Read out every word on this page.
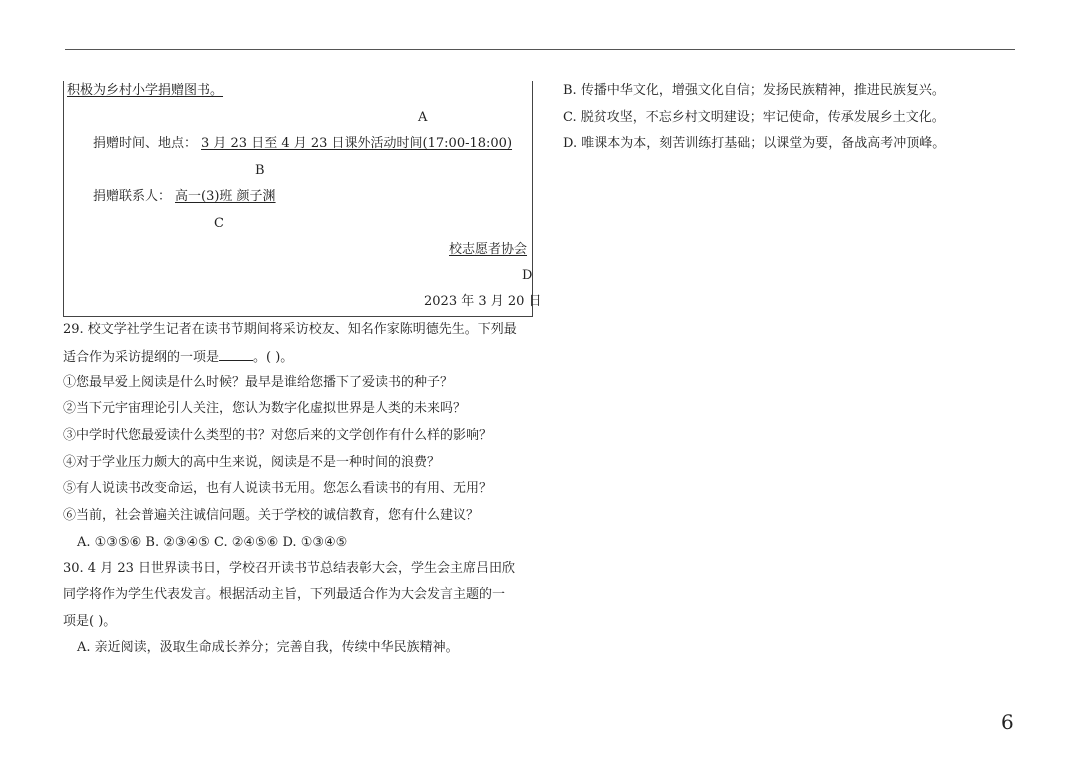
积极为乡村小学捐赠图书。
A
捐赠时间、地点： 3 月 23 日至 4 月 23 日课外活动时间(17:00-18:00)
B
捐赠联系人： 高一(3)班 颜子渊
C
校志愿者协会
D
2023 年 3 月 20 日
29. 校文学社学生记者在读书节期间将采访校友、知名作家陈明德先生。下列最
适合作为采访提纲的一项是	。( )。
①您最早爱上阅读是什么时候？最早是谁给您播下了爱读书的种子？
②当下元宇宙理论引人关注，您认为数字化虚拟世界是人类的未来吗？
③中学时代您最爱读什么类型的书？对您后来的文学创作有什么样的影响？
④对于学业压力颇大的高中生来说，阅读是不是一种时间的浪费？
⑤有人说读书改变命运，也有人说读书无用。您怎么看读书的有用、无用？
⑥当前，社会普遍关注诚信问题。关于学校的诚信教育，您有什么建议？
A. ①③⑤⑥ B. ②③④⑤ C. ②④⑤⑥ D. ①③④⑤
30. 4 月 23 日世界读书日，学校召开读书节总结表彰大会，学生会主席吕田欣
同学将作为学生代表发言。根据活动主旨，下列最适合作为大会发言主题的一
项是( )。
A. 亲近阅读，汲取生命成长养分；完善自我，传续中华民族精神。
B. 传播中华文化，增强文化自信；发扬民族精神，推进民族复兴。
C. 脱贫攻坚，不忘乡村文明建设；牢记使命，传承发展乡土文化。
D. 唯课本为本，刻苦训练打基础；以课堂为要，备战高考冲顶峰。
6
